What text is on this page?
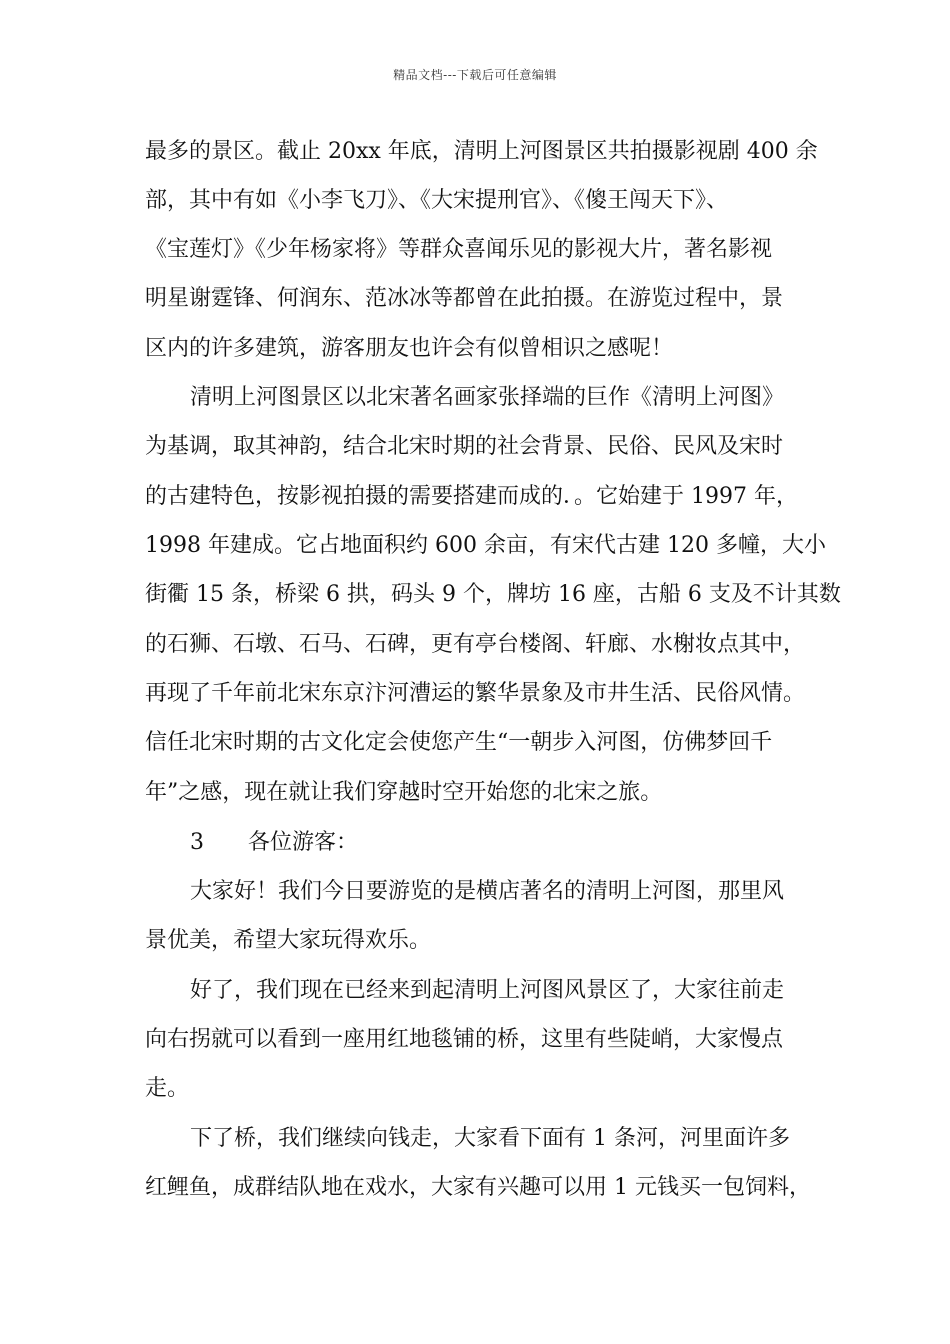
精品文档---下载后可任意编辑
最多的景区。截止 20xx 年底，清明上河图景区共拍摄影视剧 400 余
部，其中有如《小李飞刀》、《大宋提刑官》、《傻王闯天下》、
《宝莲灯》《少年杨家将》等群众喜闻乐见的影视大片，著名影视
明星谢霆锋、何润东、范冰冰等都曾在此拍摄。在游览过程中，景
区内的许多建筑，游客朋友也许会有似曾相识之感呢！
清明上河图景区以北宋著名画家张择端的巨作《清明上河图》
为基调，取其神韵，结合北宋时期的社会背景、民俗、民风及宋时
的古建特色，按影视拍摄的需要搭建而成的．。它始建于 1997 年，
1998 年建成。它占地面积约 600 余亩，有宋代古建 120 多幢，大小
街衢 15 条，桥梁 6 拱，码头 9 个，牌坊 16 座，古船 6 支及不计其数
的石狮、石墩、石马、石碑，更有亭台楼阁、轩廊、水榭妆点其中，
再现了千年前北宋东京汴河漕运的繁华景象及市井生活、民俗风情。
信任北宋时期的古文化定会使您产生“一朝步入河图，仿佛梦回千
年”之感，现在就让我们穿越时空开始您的北宋之旅。
3　　各位游客：
大家好！我们今日要游览的是横店著名的清明上河图，那里风
景优美，希望大家玩得欢乐。
好了，我们现在已经来到起清明上河图风景区了，大家往前走
向右拐就可以看到一座用红地毯铺的桥，这里有些陡峭，大家慢点
走。
下了桥，我们继续向钱走，大家看下面有 1 条河，河里面许多
红鲤鱼，成群结队地在戏水，大家有兴趣可以用 1 元钱买一包饲料，
